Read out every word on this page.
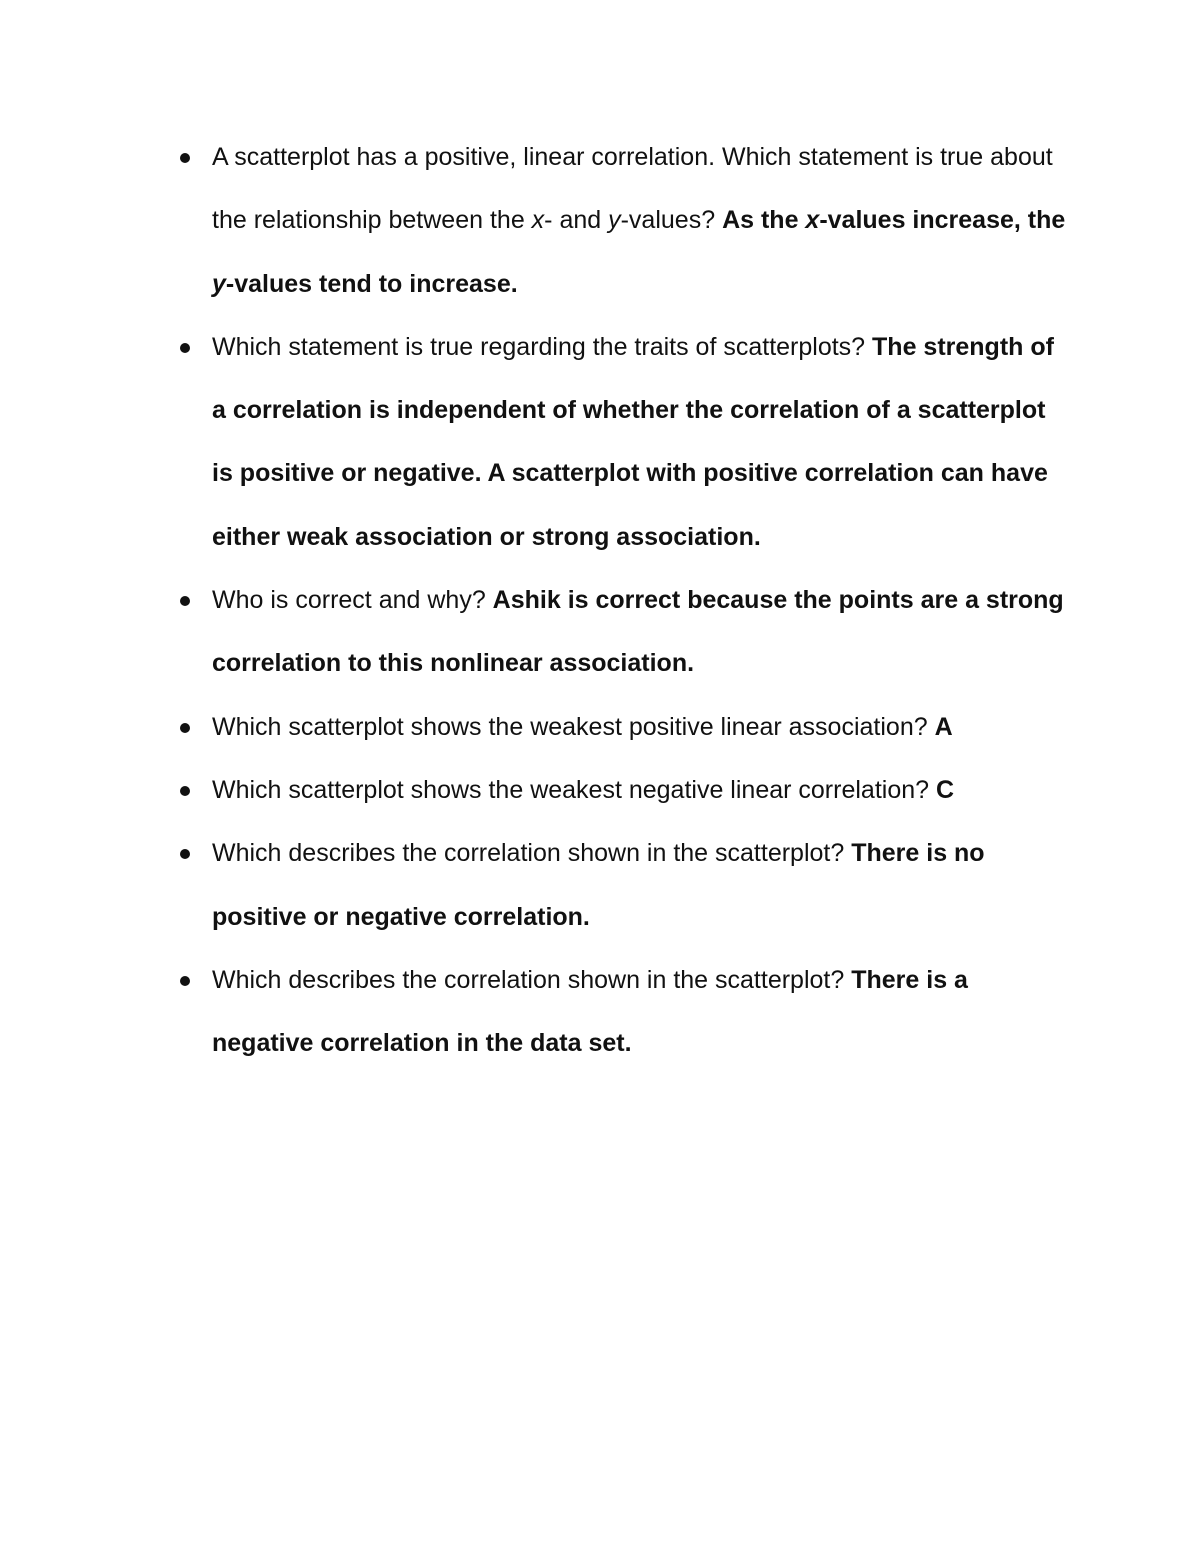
A scatterplot has a positive, linear correlation. Which statement is true about the relationship between the x- and y-values? As the x-values increase, the y-values tend to increase.
Which statement is true regarding the traits of scatterplots? The strength of a correlation is independent of whether the correlation of a scatterplot is positive or negative. A scatterplot with positive correlation can have either weak association or strong association.
Who is correct and why? Ashik is correct because the points are a strong correlation to this nonlinear association.
Which scatterplot shows the weakest positive linear association? A
Which scatterplot shows the weakest negative linear correlation? C
Which describes the correlation shown in the scatterplot? There is no positive or negative correlation.
Which describes the correlation shown in the scatterplot? There is a negative correlation in the data set.
